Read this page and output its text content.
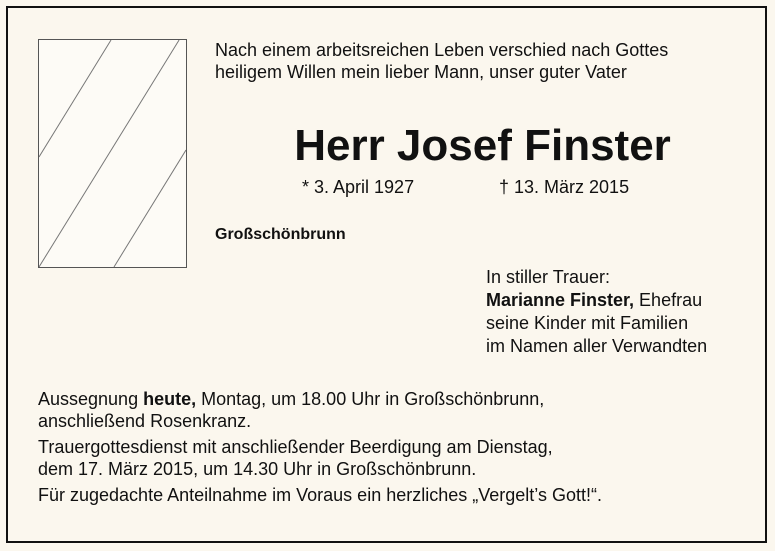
Nach einem arbeitsreichen Leben verschied nach Gottes
heiligem Willen mein lieber Mann, unser guter Vater
Herr Josef Finster
* 3. April 1927	† 13. März 2015
Großschönbrunn
In stiller Trauer:
Marianne Finster, Ehefrau
seine Kinder mit Familien
im Namen aller Verwandten
Aussegnung heute, Montag, um 18.00 Uhr in Großschönbrunn,
anschließend Rosenkranz.
Trauergottesdienst mit anschließender Beerdigung am Dienstag,
dem 17. März 2015, um 14.30 Uhr in Großschönbrunn.
Für zugedachte Anteilnahme im Voraus ein herzliches „Vergelt’s Gott!“.
